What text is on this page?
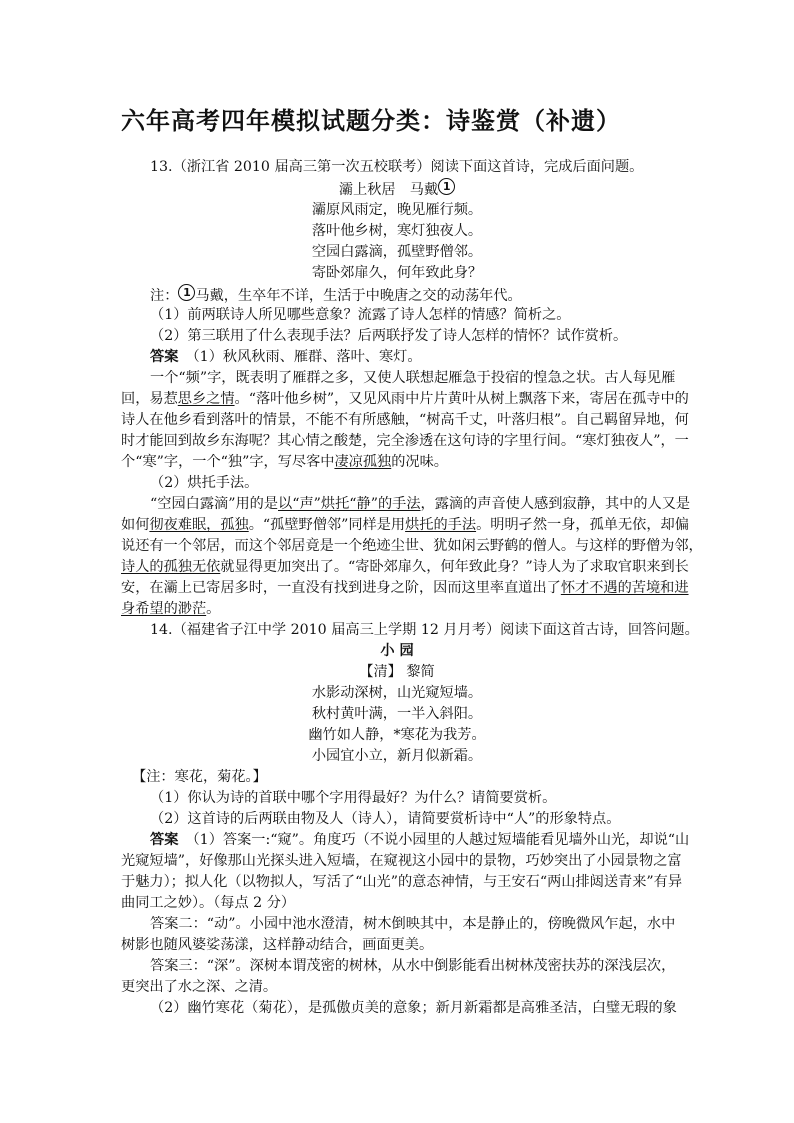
六年高考四年模拟试题分类：诗鉴赏（补遗）
13.（浙江省 2010 届高三第一次五校联考）阅读下面这首诗，完成后面问题。
灞上秋居　马戴 1
灞原风雨定，晚见雁行频。
落叶他乡树，寒灯独夜人。
空园白露滴，孤壁野僧邻。
寄卧郊扉久，何年致此身？
注： 1 马戴，生卒年不详，生活于中晚唐之交的动荡年代。
（1）前两联诗人所见哪些意象？流露了诗人怎样的情感？简析之。
（2）第三联用了什么表现手法？后两联抒发了诗人怎样的情怀？试作赏析。
答案　 （1）秋风秋雨、雁群、落叶、寒灯。
一个“频”字，既表明了雁群之多，又使人联想起雁急于投宿的惶急之状。古人每见雁
回，易惹思乡之情。“落叶他乡树”，又见风雨中片片黄叶从树上飘落下来，寄居在孤寺中的
诗人在他乡看到落叶的情景，不能不有所感触，“树高千丈，叶落归根”。自己羁留异地，何
时才能回到故乡东海呢？其心情之酸楚，完全渗透在这句诗的字里行间。“寒灯独夜人”，一
个“寒”字，一个“独”字，写尽客中凄凉孤独的况味。
（2）烘托手法。
“空园白露滴”用的是以“声”烘托“静”的手法，露滴的声音使人感到寂静，其中的人又是
如何彻夜难眠，孤独。“孤壁野僧邻”同样是用烘托的手法。明明孑然一身，孤单无依，却偏
说还有一个邻居，而这个邻居竟是一个绝迹尘世、犹如闲云野鹤的僧人。与这样的野僧为邻，
诗人的孤独无依就显得更加突出了。“寄卧郊扉久，何年致此身？”诗人为了求取官职来到长
安，在灞上已寄居多时，一直没有找到进身之阶，因而这里率直道出了怀才不遇的苦境和进
身希望的渺茫。
14.（福建省子江中学 2010 届高三上学期 12 月月考）阅读下面这首古诗，回答问题。
小 园
【清】 黎简
水影动深树，山光窥短墙。
秋村黄叶满，一半入斜阳。
幽竹如人静，*寒花为我芳。
小园宜小立，新月似新霜。
【注：寒花，菊花。】
（1）你认为诗的首联中哪个字用得最好？为什么？请简要赏析。
（2）这首诗的后两联由物及人（诗人），请简要赏析诗中“人”的形象特点。
答案　 （1）答案一:“窥”。角度巧（不说小园里的人越过短墙能看见墙外山光，却说“山
光窥短墙”，好像那山光探头进入短墙，在窥视这小园中的景物，巧妙突出了小园景物之富
于魅力）；拟人化（以物拟人，写活了“山光”的意态神情，与王安石“两山排闼送青来”有异
曲同工之妙）。（每点 2 分）
答案二：“动”。小园中池水澄清，树木倒映其中，本是静止的，傍晚微风乍起，水中
树影也随风婆娑荡漾，这样静动结合，画面更美。
答案三：“深”。深树本谓茂密的树林，从水中倒影能看出树林茂密扶苏的深浅层次，
更突出了水之深、之清。
（2）幽竹寒花（菊花），是孤傲贞美的意象；新月新霜都是高雅圣洁，白璧无瑕的象
